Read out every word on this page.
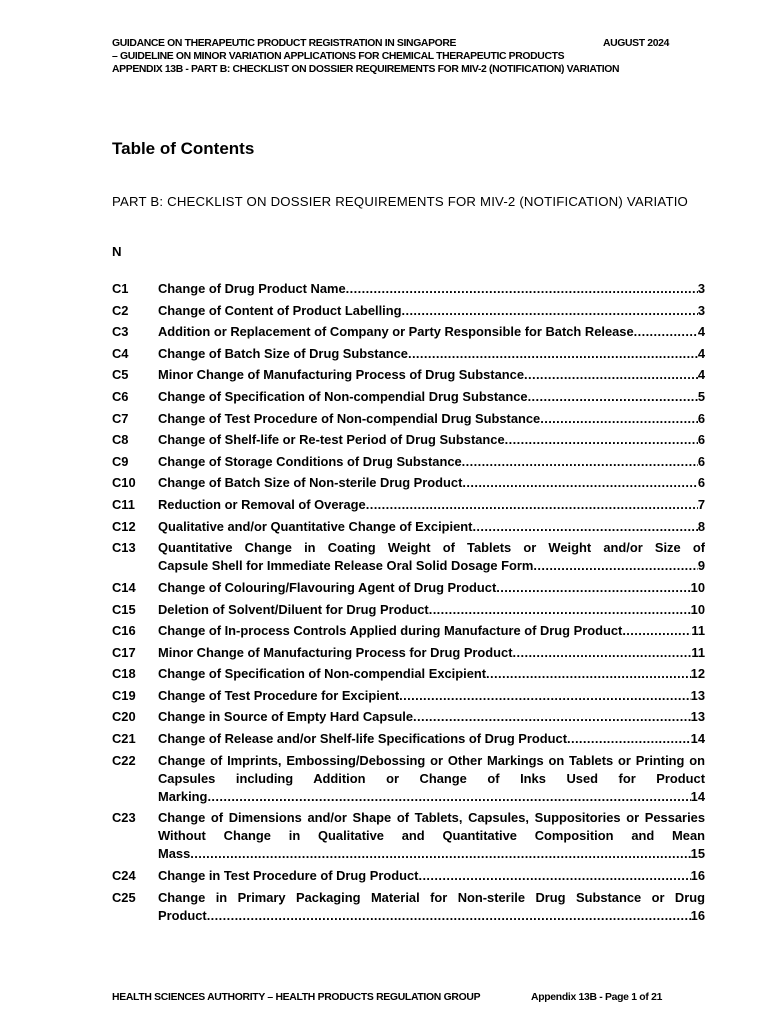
GUIDANCE ON THERAPEUTIC PRODUCT REGISTRATION IN SINGAPORE	AUGUST 2024
– GUIDELINE ON MINOR VARIATION APPLICATIONS FOR CHEMICAL THERAPEUTIC PRODUCTS
APPENDIX 13B - PART B: CHECKLIST ON DOSSIER REQUIREMENTS FOR MIV-2 (NOTIFICATION) VARIATION
Table of Contents
PART B: CHECKLIST ON DOSSIER REQUIREMENTS FOR MIV-2 (NOTIFICATION) VARIATIO
N
C1	Change of Drug Product Name .....	3
C2	Change of Content of Product Labelling .....	3
C3	Addition or Replacement of Company or Party Responsible for Batch Release .....	4
C4	Change of Batch Size of Drug Substance .....	4
C5	Minor Change of Manufacturing Process of Drug Substance .....	4
C6	Change of Specification of Non-compendial Drug Substance .....	5
C7	Change of Test Procedure of Non-compendial Drug Substance .....	6
C8	Change of Shelf-life or Re-test Period of Drug Substance .....	6
C9	Change of Storage Conditions of Drug Substance .....	6
C10	Change of Batch Size of Non-sterile Drug Product .....	6
C11	Reduction or Removal of Overage .....	7
C12	Qualitative and/or Quantitative Change of Excipient .....	8
C13	Quantitative Change in Coating Weight of Tablets or Weight and/or Size of
Capsule Shell for Immediate Release Oral Solid Dosage Form .....	9
C14	Change of Colouring/Flavouring Agent of Drug Product .....	10
C15	Deletion of Solvent/Diluent for Drug Product .....	10
C16	Change of In-process Controls Applied during Manufacture of Drug Product .....	11
C17	Minor Change of Manufacturing Process for Drug Product .....	11
C18	Change of Specification of Non-compendial Excipient .....	12
C19	Change of Test Procedure for Excipient .....	13
C20	Change in Source of Empty Hard Capsule .....	13
C21	Change of Release and/or Shelf-life Specifications of Drug Product .....	14
C22	Change of Imprints, Embossing/Debossing or Other Markings on Tablets or Printing on Capsules including Addition or Change of Inks Used for Product
Marking .....	14
C23	Change of Dimensions and/or Shape of Tablets, Capsules, Suppositories or Pessaries Without Change in Qualitative and Quantitative Composition and Mean
Mass .....	15
C24	Change in Test Procedure of Drug Product .....	16
C25	Change in Primary Packaging Material for Non-sterile Drug Substance or Drug
Product .....	16
HEALTH SCIENCES AUTHORITY – HEALTH PRODUCTS REGULATION GROUP	Appendix 13B - Page 1 of 21
